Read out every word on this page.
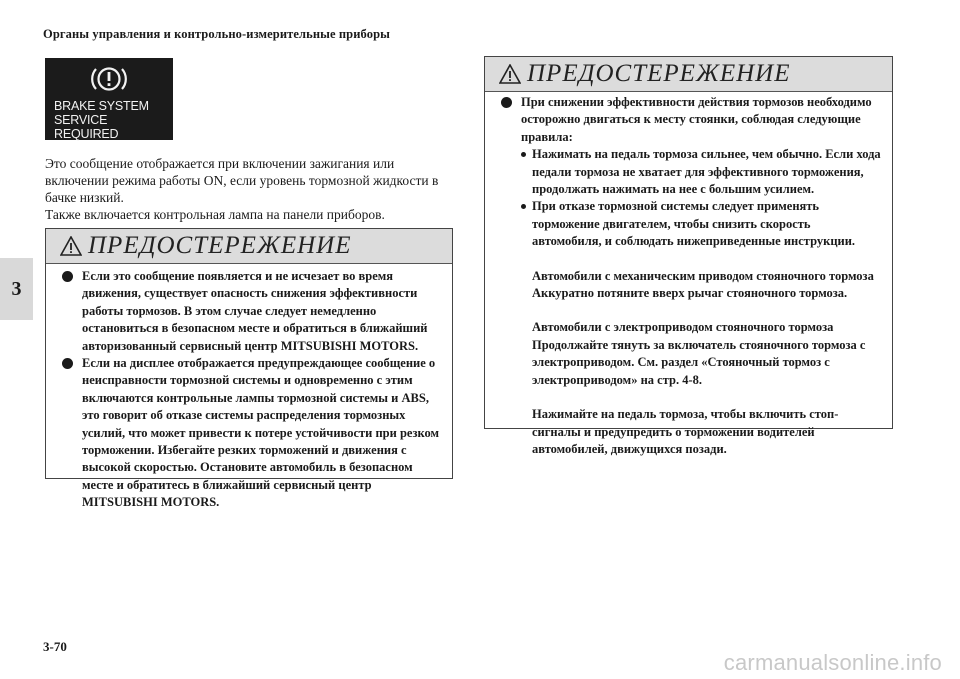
Органы управления и контрольно-измерительные приборы
3
BRAKE SYSTEM
SERVICE REQUIRED

Это сообщение отображается при включении зажигания или включении режима работы ON, если уровень тормозной жидкости в бачке низкий.

Также включается контрольная лампа на панели приборов.

ПРЕДОСТЕРЕЖЕНИЕ

Если это сообщение появляется и не исчезает во время движения, существует опасность снижения эффективности работы тормозов. В этом случае следует немедленно остановиться в безопасном месте и обратиться в ближайший авторизованный сервисный центр MITSUBISHI MOTORS.

Если на дисплее отображается предупреждающее сообщение о неисправности тормозной системы и одновременно с этим включаются контрольные лампы тормозной системы и ABS, это говорит об отказе системы распределения тормозных усилий, что может привести к потере устойчивости при резком торможении. Избегайте резких торможений и движения с высокой скоростью. Остановите автомобиль в безопасном месте и обратитесь в ближайший сервисный центр MITSUBISHI MOTORS.

ПРЕДОСТЕРЕЖЕНИЕ

При снижении эффективности действия тормозов необходимо осторожно двигаться к месту стоянки, соблюдая следующие правила:

Нажимать на педаль тормоза сильнее, чем обычно. Если хода педали тормоза не хватает для эффективного торможения, продолжать нажимать на нее с большим усилием.

При отказе тормозной системы следует применять торможение двигателем, чтобы снизить скорость автомобиля, и соблюдать нижеприведенные инструкции.

Автомобили с механическим приводом стояночного тормоза

Аккуратно потяните вверх рычаг стояночного тормоза.

Автомобили с электроприводом стояночного тормоза

Продолжайте тянуть за включатель стояночного тормоза с электроприводом. См. раздел «Стояночный тормоз с электроприводом» на стр. 4-8.

Нажимайте на педаль тормоза, чтобы включить стоп-сигналы и предупредить о торможении водителей автомобилей, движущихся позади.

3-70
carmanualsonline.info
